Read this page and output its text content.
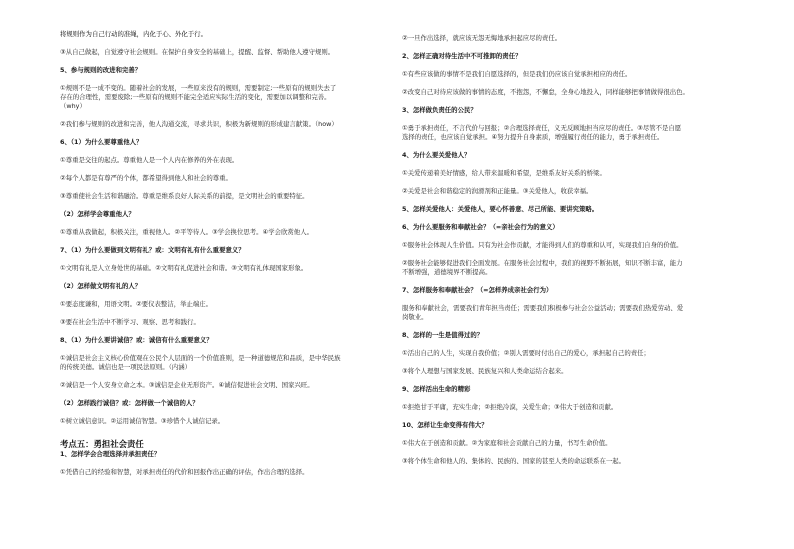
将规则作为自己行动的准绳，内化于心、外化于行。

③从自己做起，自觉遵守社会规则。在保护自身安全的基础上，提醒、监督、帮助他人遵守规则。

5、参与规则的改进和完善？

①规则不是一成不变的。随着社会的发展，一些原来没有的规则，需要制定;一些原有的规则失去了

存在的合理性，需要废除;一些原有的规则不能完全适应实际生活的变化，需要加以调整和完善。

（why）

②我们参与规则的改进和完善，他人沟通交流，寻求共识，积极为新规则的形成建言献策。（how）

6、（1）为什么要尊重他人？

①尊重是交往的起点。尊重他人是一个人内在修养的外在表现。

②每个人都是有尊严的个体，都希望得到他人和社会的尊重。

③尊重使社会生活和谐融洽。尊重是维系良好人际关系的前提，是文明社会的重要特征。

（2）怎样学会尊重他人？

①尊重从我做起，积极关注，重视他人。②平等待人。③学会换位思考。④学会欣赏他人。

7、（1）为什么要做到文明有礼？或：文明有礼有什么重要意义？

①文明有礼是人立身处世的基础。②文明有礼促进社会和谐。③文明有礼体现国家形象。

（2）怎样做文明有礼的人？

①要态度谦和，用语文明。②要仪表整洁，举止端庄。

③要在社会生活中不断学习、观察、思考和践行。

8、（1）为什么要讲诚信？或：诚信有什么重要意义？

①诚信是社会主义核心价值观在公民个人层面的一个价值准则，是一种道德规范和品质，是中华民族

的传统美德。诚信也是一项民法原则。（内涵）

②诚信是一个人安身立命之本。③诚信是企业无形资产。④诚信促进社会文明、国家兴旺。

（2）怎样践行诚信？或：怎样做一个诚信的人？

①树立诚信意识。②运用诚信智慧。③珍惜个人诚信记录。

考点五：勇担社会责任

1、怎样学会合理选择并承担责任？

①凭借自己的经验和智慧，对承担责任的代价和回报作出正确的评估，作出合理的选择。

②一旦作出选择，就应该无怨无悔地承担起应尽的责任。

2、怎样正确对待生活中不可推卸的责任？

①有些应该做的事情不是我们自愿选择的，但是我们仍应该自觉承担相应的责任。

②改变自己对待应该做的事情的态度，不抱怨，不懈怠，全身心地投入，同样能够把事情做得很出色。

3、怎样做负责任的公民？

①勇于承担责任，不言代价与回报；②合理选择责任，义无反顾地担当应尽的责任。③尽管不是自愿

选择的责任，也应该自觉承担。④努力提升自身素质，增强履行责任的能力，勇于承担责任。

4、为什么要关爱他人？

①关爱传递着美好情感，给人带来温暖和希望，是维系友好关系的桥梁。

②关爱是社会和谐稳定的润滑剂和正能量。③关爱他人，收获幸福。

5、怎样关爱他人：关爱他人，要心怀善意、尽己所能、要讲究策略。

6、为什么要服务和奉献社会？（=亲社会行为的意义）

①服务社会体现人生价值。只有为社会作贡献，才能得到人们的尊重和认可，实现我们自身的价值。

②服务社会能够促进我们全面发展。在服务社会过程中，我们的视野不断拓展，知识不断丰富，能力

不断增强，道德境界不断提高。

7、怎样服务和奉献社会？（=怎样养成亲社会行为）

服务和奉献社会，需要我们青年担当责任；需要我们积极参与社会公益活动；需要我们热爱劳动、爱

岗敬业。

8、怎样的一生是值得过的？

①活出自己的人生，实现自我价值；②别人需要时付出自己的爱心，承担起自己的责任；

③将个人理想与国家发展、民族复兴和人类命运结合起来。

9、怎样活出生命的精彩

①拒绝甘于平庸，充实生命；②拒绝冷漠，关爱生命；③伟大于创造和贡献。

10、怎样让生命变得有伟大？

①伟大在于创造和贡献。②为家庭和社会贡献自己的力量，书写生命价值。

③将个体生命和他人的、集体的、民族的、国家的甚至人类的命运联系在一起。
